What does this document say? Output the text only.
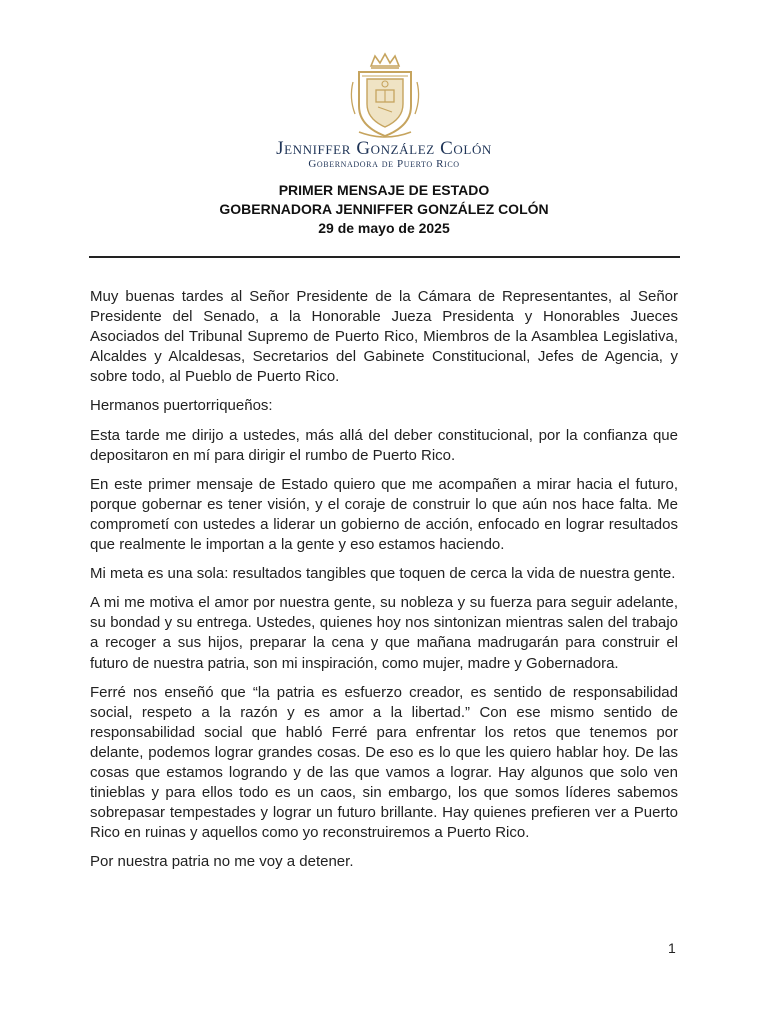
Jenniffer González Colón
Gobernadora de Puerto Rico
PRIMER MENSAJE DE ESTADO
GOBERNADORA JENNIFFER GONZÁLEZ COLÓN
29 de mayo de 2025

Muy buenas tardes al Señor Presidente de la Cámara de Representantes, al Señor Presidente del Senado, a la Honorable Jueza Presidenta y Honorables Jueces Asociados del Tribunal Supremo de Puerto Rico, Miembros de la Asamblea Legislativa, Alcaldes y Alcaldesas, Secretarios del Gabinete Constitucional, Jefes de Agencia, y sobre todo, al Pueblo de Puerto Rico.

Hermanos puertorriqueños:

Esta tarde me dirijo a ustedes, más allá del deber constitucional, por la confianza que depositaron en mí para dirigir el rumbo de Puerto Rico.

En este primer mensaje de Estado quiero que me acompañen a mirar hacia el futuro, porque gobernar es tener visión, y el coraje de construir lo que aún nos hace falta. Me comprometí con ustedes a liderar un gobierno de acción, enfocado en lograr resultados que realmente le importan a la gente y eso estamos haciendo.

Mi meta es una sola: resultados tangibles que toquen de cerca la vida de nuestra gente.

A mi me motiva el amor por nuestra gente, su nobleza y su fuerza para seguir adelante, su bondad y su entrega. Ustedes, quienes hoy nos sintonizan mientras salen del trabajo a recoger a sus hijos, preparar la cena y que mañana madrugarán para construir el futuro de nuestra patria, son mi inspiración, como mujer, madre y Gobernadora.

Ferré nos enseñó que “la patria es esfuerzo creador, es sentido de responsabilidad social, respeto a la razón y es amor a la libertad.” Con ese mismo sentido de responsabilidad social que habló Ferré para enfrentar los retos que tenemos por delante, podemos lograr grandes cosas. De eso es lo que les quiero hablar hoy. De las cosas que estamos logrando y de las que vamos a lograr. Hay algunos que solo ven tinieblas y para ellos todo es un caos, sin embargo, los que somos líderes sabemos sobrepasar tempestades y lograr un futuro brillante. Hay quienes prefieren ver a Puerto Rico en ruinas y aquellos como yo reconstruiremos a Puerto Rico.

Por nuestra patria no me voy a detener.

1
